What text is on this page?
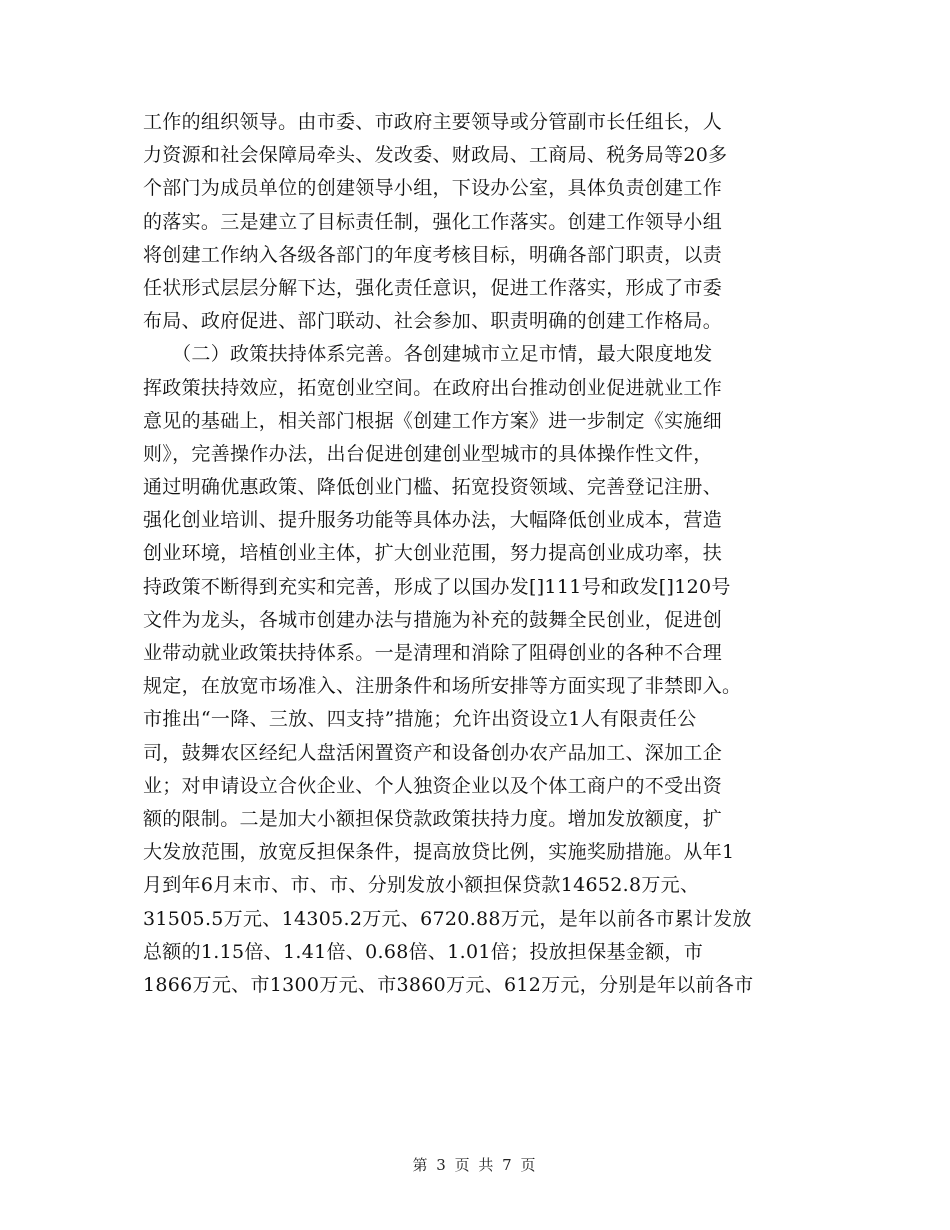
工作的组织领导。由市委、市政府主要领导或分管副市长任组长，人
力资源和社会保障局牵头、发改委、财政局、工商局、税务局等20多
个部门为成员单位的创建领导小组，下设办公室，具体负责创建工作
的落实。三是建立了目标责任制，强化工作落实。创建工作领导小组
将创建工作纳入各级各部门的年度考核目标，明确各部门职责，以责
任状形式层层分解下达，强化责任意识，促进工作落实，形成了市委
布局、政府促进、部门联动、社会参加、职责明确的创建工作格局。
　　（二）政策扶持体系完善。各创建城市立足市情，最大限度地发
挥政策扶持效应，拓宽创业空间。在政府出台推动创业促进就业工作
意见的基础上，相关部门根据《创建工作方案》进一步制定《实施细
则》，完善操作办法，出台促进创建创业型城市的具体操作性文件，
通过明确优惠政策、降低创业门槛、拓宽投资领域、完善登记注册、
强化创业培训、提升服务功能等具体办法，大幅降低创业成本，营造
创业环境，培植创业主体，扩大创业范围，努力提高创业成功率，扶
持政策不断得到充实和完善，形成了以国办发[]111号和政发[]120号
文件为龙头，各城市创建办法与措施为补充的鼓舞全民创业，促进创
业带动就业政策扶持体系。一是清理和消除了阻碍创业的各种不合理
规定，在放宽市场准入、注册条件和场所安排等方面实现了非禁即入。
市推出“一降、三放、四支持”措施；允许出资设立1人有限责任公
司，鼓舞农区经纪人盘活闲置资产和设备创办农产品加工、深加工企
业；对申请设立合伙企业、个人独资企业以及个体工商户的不受出资
额的限制。二是加大小额担保贷款政策扶持力度。增加发放额度，扩
大发放范围，放宽反担保条件，提高放贷比例，实施奖励措施。从年1
月到年6月末市、市、市、分别发放小额担保贷款14652.8万元、
31505.5万元、14305.2万元、6720.88万元，是年以前各市累计发放
总额的1.15倍、1.41倍、0.68倍、1.01倍；投放担保基金额，市
1866万元、市1300万元、市3860万元、612万元，分别是年以前各市
第 3 页 共 7 页
